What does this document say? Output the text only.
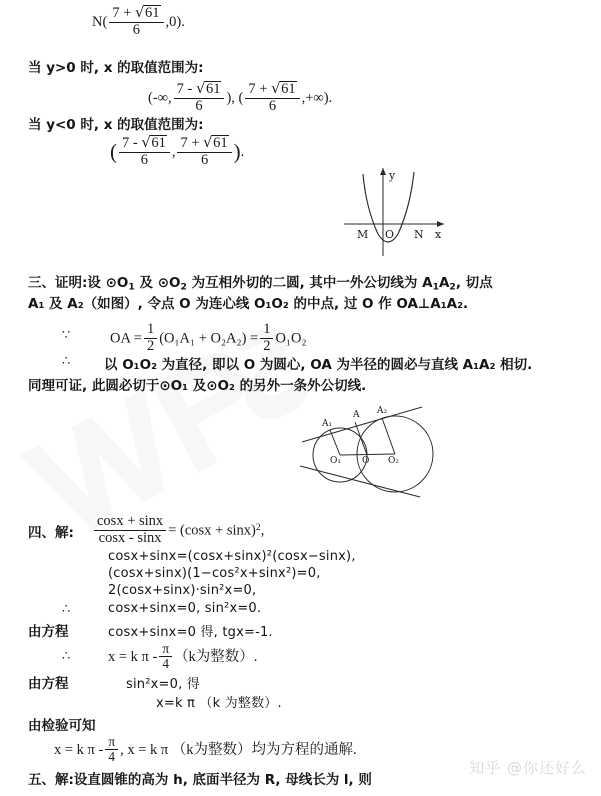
$N( \frac{7 + √ 61}{6} ,0)$.
当 y>0 时, x 的取值范围为:
(-∞, $\frac{7 - √ 61}{6}$ ), ( $\frac{7 + √ 61}{6}$ ,+∞).
当 y<0 时, x 的取值范围为:
( $\frac{7 - √ 61}{6}$ , $\frac{7 + √ 61}{6}$ ).
M O N
y
x
三、证明:设 $⊙O_1$ 及 $⊙O_2$ 为互相外切的二圆, 其中一外公切线为 $A_1A_2$, 切点
A₁ 及 A₂（如图）, 令点 O 为连心线 O₁O₂ 的中点, 过 O 作 OA⊥A₁A₂.
∵	OA = $\frac{1}{2} (O_1A_1 + O_2A_2) = \frac{1}{2} O_1O_2$
∴ 以 O₁O₂ 为直径, 即以 O 为圆心, OA 为半径的圆必与直线 A₁A₂ 相切.
同理可证, 此圆必切于⊙O₁ 及⊙O₂ 的另外一条外公切线.
A₁
A A₂
O₁ O O₂
四、解: $\frac{\cos x + \sin x}{\cos x - \sin x} = (\cos x + \sin x)^2$,
cosx+sinx=(cosx+sinx)²(cosx−sinx),
(cosx+sinx)(1−cos²x+sinx²)=0,
2(cosx+sinx)·sin²x=0,
∴	cosx+sinx=0, sin²x=0.
由方程	cosx+sinx=0 得, tgx=-1.
∴	x = k π - $\frac{\pi}{4} (k$为整数）.
由方程	sin²x=0, 得
x=k π （k 为整数）.
由检验可知
x = k π - $\frac{\pi}{4}$ , x = k π （k为整数）均为方程的通解.
五、解:设直圆锥的高为 h, 底面半径为 R, 母线长为 l, 则
知乎 @你还好么
